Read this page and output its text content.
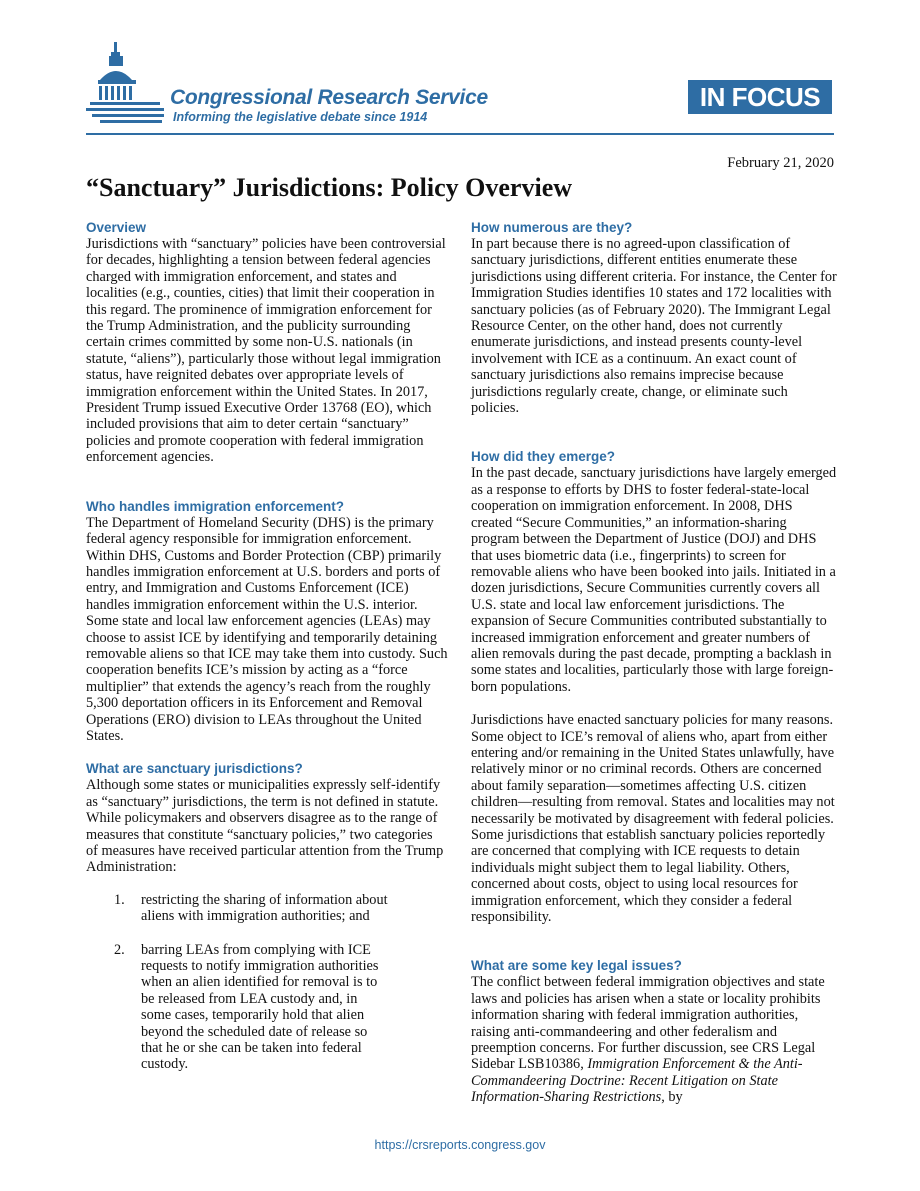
Congressional Research Service
Informing the legislative debate since 1914
IN FOCUS
February 21, 2020
“Sanctuary” Jurisdictions: Policy Overview
Overview

Jurisdictions with “sanctuary” policies have been controversial for decades, highlighting a tension between federal agencies charged with immigration enforcement, and states and localities (e.g., counties, cities) that limit their cooperation in this regard. The prominence of immigration enforcement for the Trump Administration, and the publicity surrounding certain crimes committed by some non-U.S. nationals (in statute, “aliens”), particularly those without legal immigration status, have reignited debates over appropriate levels of immigration enforcement within the United States. In 2017, President Trump issued Executive Order 13768 (EO), which included provisions that aim to deter certain “sanctuary” policies and promote cooperation with federal immigration enforcement agencies.

Who handles immigration enforcement?

The Department of Homeland Security (DHS) is the primary federal agency responsible for immigration enforcement. Within DHS, Customs and Border Protection (CBP) primarily handles immigration enforcement at U.S. borders and ports of entry, and Immigration and Customs Enforcement (ICE) handles immigration enforcement within the U.S. interior. Some state and local law enforcement agencies (LEAs) may choose to assist ICE by identifying and temporarily detaining removable aliens so that ICE may take them into custody. Such cooperation benefits ICE’s mission by acting as a “force multiplier” that extends the agency’s reach from the roughly 5,300 deportation officers in its Enforcement and Removal Operations (ERO) division to LEAs throughout the United States.

What are sanctuary jurisdictions?

Although some states or municipalities expressly self-identify as “sanctuary” jurisdictions, the term is not defined in statute. While policymakers and observers disagree as to the range of measures that constitute “sanctuary policies,” two categories of measures have received particular attention from the Trump Administration:

1. restricting the sharing of information about aliens with immigration authorities; and
2. barring LEAs from complying with ICE requests to notify immigration authorities when an alien identified for removal is to be released from LEA custody and, in some cases, temporarily hold that alien beyond the scheduled date of release so that he or she can be taken into federal custody.
How numerous are they?

In part because there is no agreed-upon classification of sanctuary jurisdictions, different entities enumerate these jurisdictions using different criteria. For instance, the Center for Immigration Studies identifies 10 states and 172 localities with sanctuary policies (as of February 2020). The Immigrant Legal Resource Center, on the other hand, does not currently enumerate jurisdictions, and instead presents county-level involvement with ICE as a continuum. An exact count of sanctuary jurisdictions also remains imprecise because jurisdictions regularly create, change, or eliminate such policies.

How did they emerge?

In the past decade, sanctuary jurisdictions have largely emerged as a response to efforts by DHS to foster federal-state-local cooperation on immigration enforcement. In 2008, DHS created “Secure Communities,” an information-sharing program between the Department of Justice (DOJ) and DHS that uses biometric data (i.e., fingerprints) to screen for removable aliens who have been booked into jails. Initiated in a dozen jurisdictions, Secure Communities currently covers all U.S. state and local law enforcement jurisdictions. The expansion of Secure Communities contributed substantially to increased immigration enforcement and greater numbers of alien removals during the past decade, prompting a backlash in some states and localities, particularly those with large foreign-born populations.

Jurisdictions have enacted sanctuary policies for many reasons. Some object to ICE’s removal of aliens who, apart from either entering and/or remaining in the United States unlawfully, have relatively minor or no criminal records. Others are concerned about family separation—sometimes affecting U.S. citizen children—resulting from removal. States and localities may not necessarily be motivated by disagreement with federal policies. Some jurisdictions that establish sanctuary policies reportedly are concerned that complying with ICE requests to detain individuals might subject them to legal liability. Others, concerned about costs, object to using local resources for immigration enforcement, which they consider a federal responsibility.

What are some key legal issues?

The conflict between federal immigration objectives and state laws and policies has arisen when a state or locality prohibits information sharing with federal immigration authorities, raising anti-commandeering and other federalism and preemption concerns. For further discussion, see CRS Legal Sidebar LSB10386, Immigration Enforcement & the Anti-Commandeering Doctrine: Recent Litigation on State Information-Sharing Restrictions, by

https://crsreports.congress.gov
